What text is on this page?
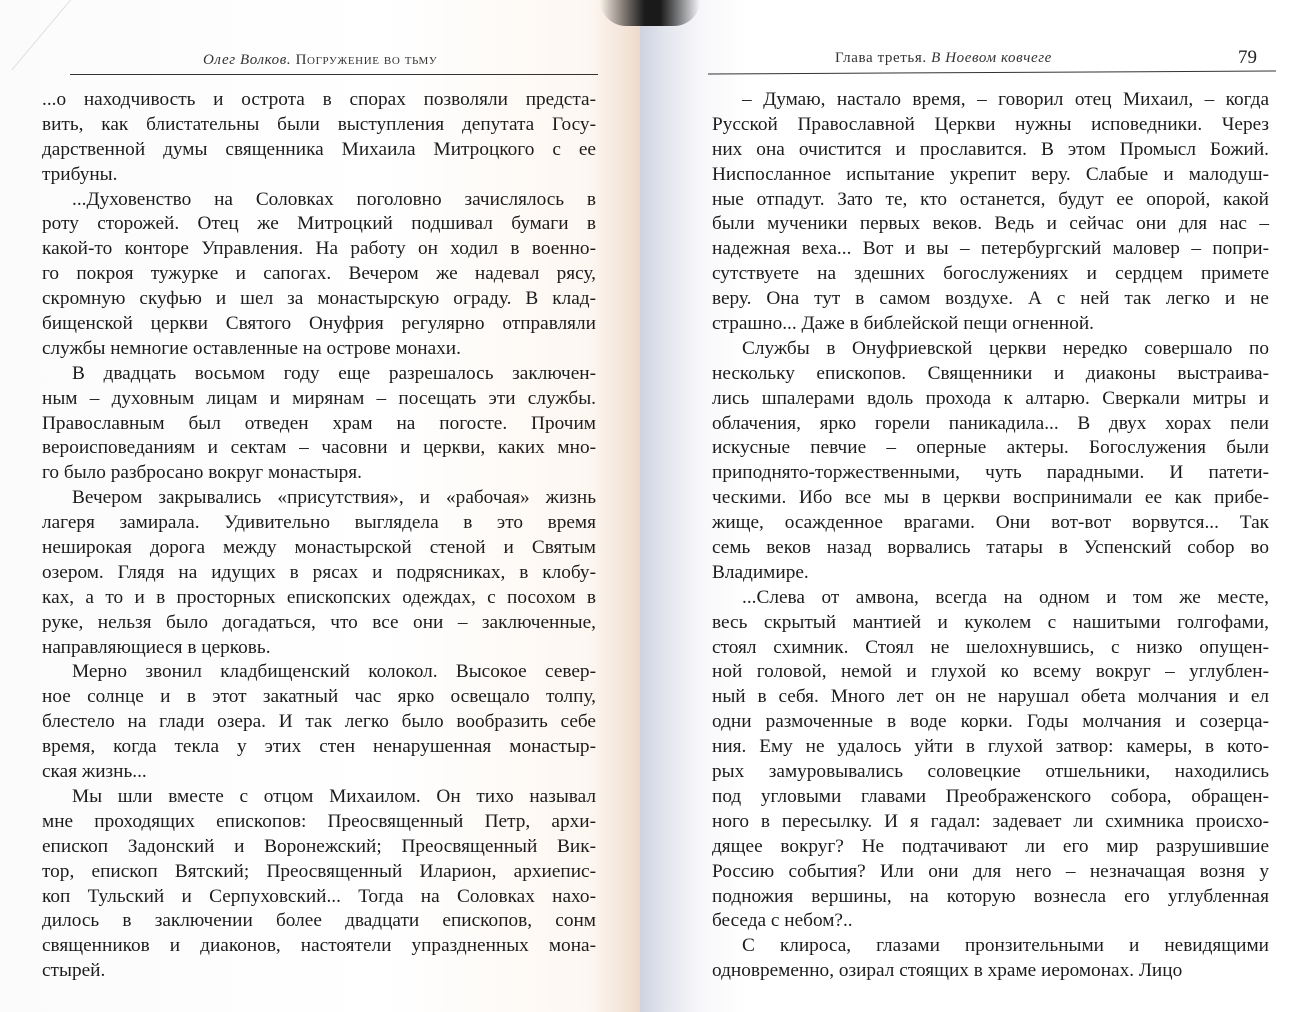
Олег Волков. Погружение во тьму
...о находчивость и острота в спорах позволяли предста-
вить, как блистательны были выступления депутата Госу-
дарственной думы священника Михаила Митроцкого с ее
трибуны.
...Духовенство на Соловках поголовно зачислялось в
роту сторожей. Отец же Митроцкий подшивал бумаги в
какой-то конторе Управления. На работу он ходил в военно-
го покроя тужурке и сапогах. Вечером же надевал рясу,
скромную скуфью и шел за монастырскую ограду. В клад-
бищенской церкви Святого Онуфрия регулярно отправляли
службы немногие оставленные на острове монахи.
В двадцать восьмом году еще разрешалось заключен-
ным – духовным лицам и мирянам – посещать эти службы.
Православным был отведен храм на погосте. Прочим
вероисповеданиям и сектам – часовни и церкви, каких мно-
го было разбросано вокруг монастыря.
Вечером закрывались «присутствия», и «рабочая» жизнь
лагеря замирала. Удивительно выглядела в это время
неширокая дорога между монастырской стеной и Святым
озером. Глядя на идущих в рясах и подрясниках, в клобу-
ках, а то и в просторных епископских одеждах, с посохом в
руке, нельзя было догадаться, что все они – заключенные,
направляющиеся в церковь.
Мерно звонил кладбищенский колокол. Высокое север-
ное солнце и в этот закатный час ярко освещало толпу,
блестело на глади озера. И так легко было вообразить себе
время, когда текла у этих стен ненарушенная монастыр-
ская жизнь...
Мы шли вместе с отцом Михаилом. Он тихо называл
мне проходящих епископов: Преосвященный Петр, архи-
епископ Задонский и Воронежский; Преосвященный Вик-
тор, епископ Вятский; Преосвященный Иларион, архиепис-
коп Тульский и Серпуховский... Тогда на Соловках нахо-
дилось в заключении более двадцати епископов, сонм
священников и диаконов, настоятели упраздненных мона-
стырей.
Глава третья. В Ноевом ковчеге	79
– Думаю, настало время, – говорил отец Михаил, – когда
Русской Православной Церкви нужны исповедники. Через
них она очистится и прославится. В этом Промысл Божий.
Ниспосланное испытание укрепит веру. Слабые и малодуш-
ные отпадут. Зато те, кто останется, будут ее опорой, какой
были мученики первых веков. Ведь и сейчас они для нас –
надежная веха... Вот и вы – петербургский маловер – попри-
сутствуете на здешних богослужениях и сердцем примете
веру. Она тут в самом воздухе. А с ней так легко и не
страшно... Даже в библейской пещи огненной.
Службы в Онуфриевской церкви нередко совершало по
нескольку епископов. Священники и диаконы выстраива-
лись шпалерами вдоль прохода к алтарю. Сверкали митры и
облачения, ярко горели паникадила... В двух хорах пели
искусные певчие – оперные актеры. Богослужения были
приподнято-торжественными, чуть парадными. И патети-
ческими. Ибо все мы в церкви воспринимали ее как прибе-
жище, осажденное врагами. Они вот-вот ворвутся... Так
семь веков назад ворвались татары в Успенский собор во
Владимире.
...Слева от амвона, всегда на одном и том же месте,
весь скрытый мантией и куколем с нашитыми голгофами,
стоял схимник. Стоял не шелохнувшись, с низко опущен-
ной головой, немой и глухой ко всему вокруг – углублен-
ный в себя. Много лет он не нарушал обета молчания и ел
одни размоченные в воде корки. Годы молчания и созерца-
ния. Ему не удалось уйти в глухой затвор: камеры, в кото-
рых замуровывались соловецкие отшельники, находились
под угловыми главами Преображенского собора, обращен-
ного в пересылку. И я гадал: задевает ли схимника происхо-
дящее вокруг? Не подтачивают ли его мир разрушившие
Россию события? Или они для него – незначащая возня у
подножия вершины, на которую вознесла его углубленная
беседа с небом?..
С клироса, глазами пронзительными и невидящими
одновременно, озирал стоящих в храме иеромонах. Лицо
